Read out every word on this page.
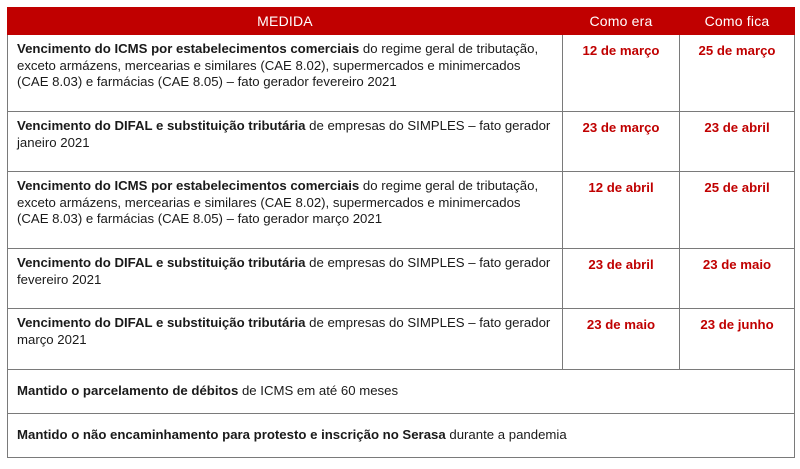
MEDIDA	Como era	Como fica
Vencimento do ICMS por estabelecimentos comerciais do regime geral de tributação, exceto armázens, mercearias e similares (CAE 8.02), supermercados e minimercados (CAE 8.03) e farmácias (CAE 8.05) – fato gerador fevereiro 2021	12 de março	25 de março
Vencimento do DIFAL e substituição tributária de empresas do SIMPLES – fato gerador janeiro 2021	23 de março	23 de abril
Vencimento do ICMS por estabelecimentos comerciais do regime geral de tributação, exceto armázens, mercearias e similares (CAE 8.02), supermercados e minimercados (CAE 8.03) e farmácias (CAE 8.05) – fato gerador março 2021	12 de abril	25 de abril
Vencimento do DIFAL e substituição tributária de empresas do SIMPLES – fato gerador fevereiro 2021	23 de abril	23 de maio
Vencimento do DIFAL e substituição tributária de empresas do SIMPLES – fato gerador março 2021	23 de maio	23 de junho
Mantido o parcelamento de débitos de ICMS em até 60 meses		
Mantido o não encaminhamento para protesto e inscrição no Serasa durante a pandemia		
